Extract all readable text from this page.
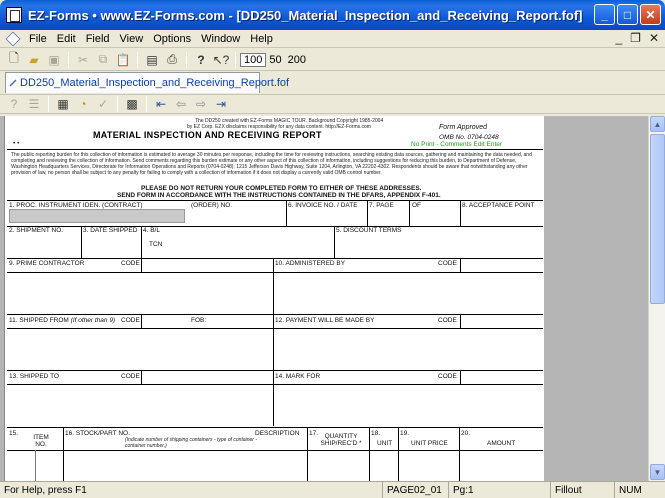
EZ-Forms • www.EZ-Forms.com - [DD250_Material_Inspection_and_Receiving_Report.fof]	_	□	✕
File Edit Field View Options Window Help	_ ❐ ✕
🗋 ▰ ▣	✂ ⧉ 📋	▤ ⎙	? ↖?	100 50 200
DD250_Material_Inspection_and_Receiving_Report.fof
? ☰	▦ ◔ ✓	▩	⇤ ⇦ ⇨ ⇥
The DD250 created with EZ-Forms MAGIC TOUR. Background Copyright 1985-2004
by EZ Corp. EZX disclaims responsibility for any data content. http://EZ-Forms.com
MATERIAL INSPECTION AND RECEIVING REPORT
Form Approved
OMB No. 0704-0248
No Print - Comments Edit Enter
• •
The public reporting burden for this collection of information is estimated to average 30 minutes per response, including the time for reviewing instructions, searching existing data sources, gathering and maintaining the data needed, and completing and reviewing the collection of information. Send comments regarding this burden estimate or any other aspect of this collection of information, including suggestions for reducing this burden, to Department of Defense, Washington Headquarters Services, Directorate for Information Operations and Reports (0704-0248), 1215 Jefferson Davis Highway, Suite 1204, Arlington, VA 22202-4302. Respondents should be aware that notwithstanding any other provision of law, no person shall be subject to any penalty for failing to comply with a collection of information if it does not display a currently valid OMB control number.
PLEASE DO NOT RETURN YOUR COMPLETED FORM TO EITHER OF THESE ADDRESSES.
SEND FORM IN ACCORDANCE WITH THE INSTRUCTIONS CONTAINED IN THE DFARS, APPENDIX F-401.
1. PROC. INSTRUMENT IDEN. (CONTRACT)	(ORDER) NO.	6. INVOICE NO. / DATE 7. PAGE	OF	8. ACCEPTANCE POINT
2. SHIPMENT NO.	3. DATE SHIPPED 4. B/L
TCN
5. DISCOUNT TERMS
9. PRIME CONTRACTOR	CODE	10. ADMINISTERED BY	CODE
11. SHIPPED FROM (If other than 9) CODE	FOB:	12. PAYMENT WILL BE MADE BY	CODE
13. SHIPPED TO	CODE	14. MARK FOR	CODE
15.
ITEM NO.
16. STOCK/PART NO.
(Indicate number of shipping containers - type of container - container number.)
DESCRIPTION 17.	QUANTITY SHIP/REC'D *
18.
UNIT
19.
UNIT PRICE
20.
AMOUNT
▲
▼
For Help, press F1	PAGE02_01	Pg:1	Fillout	NUM
